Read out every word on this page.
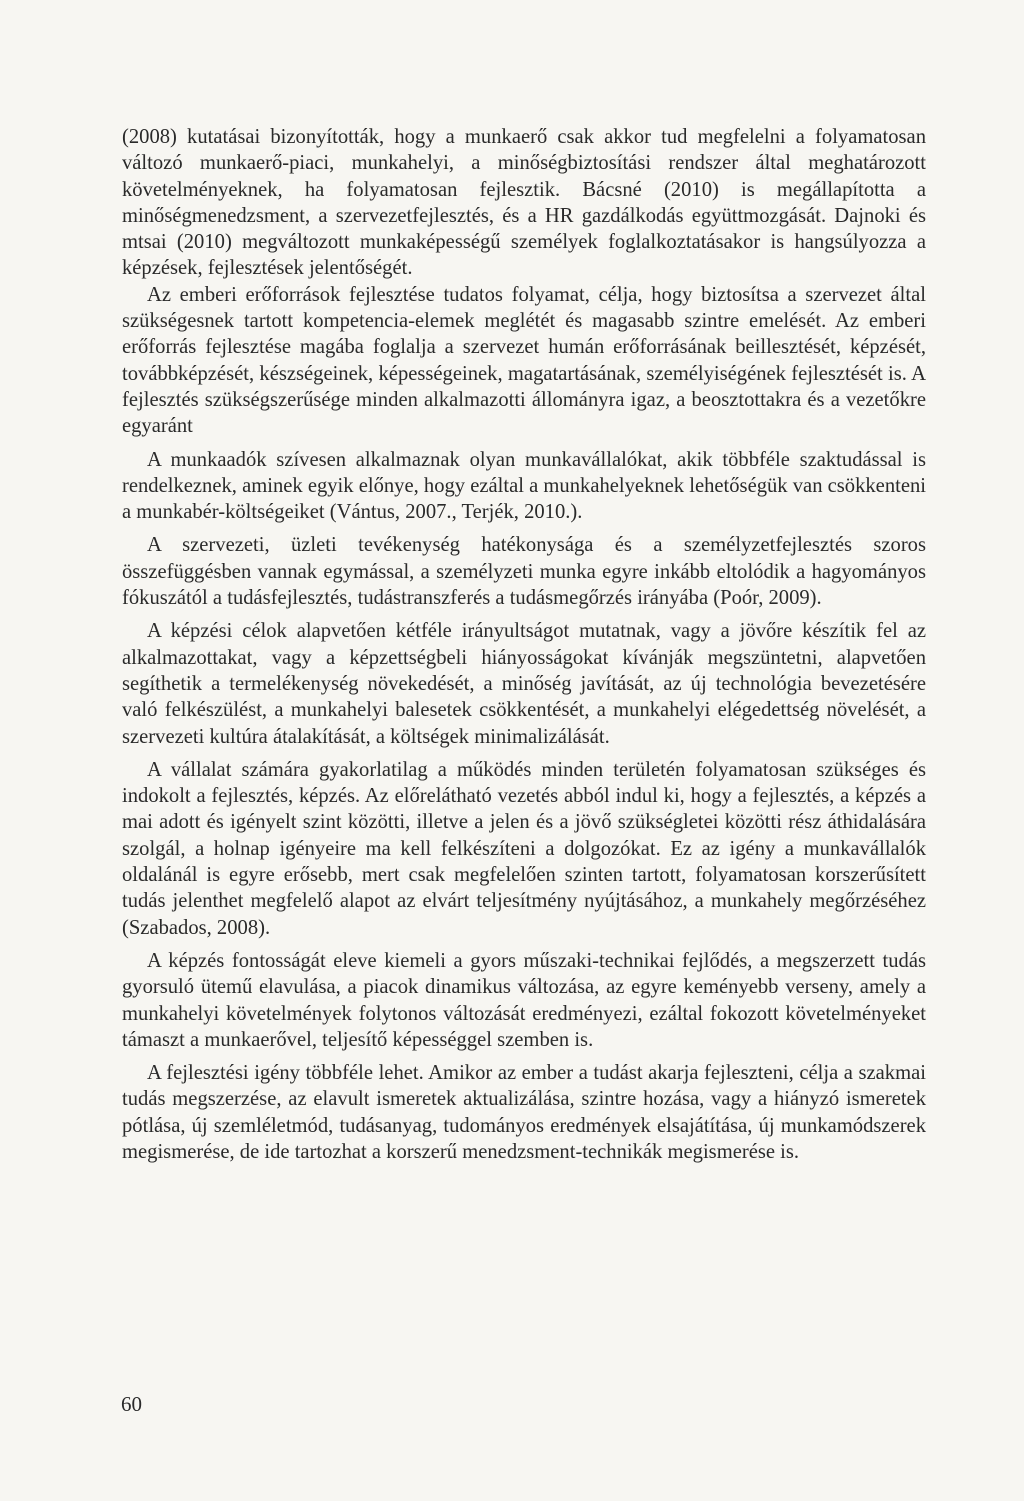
(2008) kutatásai bizonyították, hogy a munkaerő csak akkor tud megfelelni a folyamatosan változó munkaerő-piaci, munkahelyi, a minőségbiztosítási rendszer által meghatározott követelményeknek, ha folyamatosan fejlesztik. Bácsné (2010) is megállapította a minőségmenedzsment, a szervezetfejlesztés, és a HR gazdálkodás együttmozgását. Dajnoki és mtsai (2010) megváltozott munkaképességű személyek foglalkoztatásakor is hangsúlyozza a képzések, fejlesztések jelentőségét.

Az emberi erőforrások fejlesztése tudatos folyamat, célja, hogy biztosítsa a szervezet által szükségesnek tartott kompetencia-elemek meglétét és magasabb szintre emelését. Az emberi erőforrás fejlesztése magába foglalja a szervezet humán erőforrásának beillesztését, képzését, továbbképzését, készségeinek, képességeinek, magatartásának, személyiségének fejlesztését is. A fejlesztés szükségszerűsége minden alkalmazotti állományra igaz, a beosztottakra és a vezetőkre egyaránt

A munkaadók szívesen alkalmaznak olyan munkavállalókat, akik többféle szaktudással is rendelkeznek, aminek egyik előnye, hogy ezáltal a munkahelyeknek lehetőségük van csökkenteni a munkabér-költségeiket (Vántus, 2007., Terjék, 2010.).

A szervezeti, üzleti tevékenység hatékonysága és a személyzetfejlesztés szoros összefüggésben vannak egymással, a személyzeti munka egyre inkább eltolódik a hagyományos fókuszától a tudásfejlesztés, tudástranszferés a tudásmegőrzés irányába (Poór, 2009).

A képzési célok alapvetően kétféle irányultságot mutatnak, vagy a jövőre készítik fel az alkalmazottakat, vagy a képzettségbeli hiányosságokat kívánják megszüntetni, alapvetően segíthetik a termelékenység növekedését, a minőség javítását, az új technológia bevezetésére való felkészülést, a munkahelyi balesetek csökkentését, a munkahelyi elégedettség növelését, a szervezeti kultúra átalakítását, a költségek minimalizálását.

A vállalat számára gyakorlatilag a működés minden területén folyamatosan szükséges és indokolt a fejlesztés, képzés. Az előrelátható vezetés abból indul ki, hogy a fejlesztés, a képzés a mai adott és igényelt szint közötti, illetve a jelen és a jövő szükségletei közötti rész áthidalására szolgál, a holnap igényeire ma kell felkészíteni a dolgozókat. Ez az igény a munkavállalók oldalánál is egyre erősebb, mert csak megfelelően szinten tartott, folyamatosan korszerűsített tudás jelenthet megfelelő alapot az elvárt teljesítmény nyújtásához, a munkahely megőrzéséhez (Szabados, 2008).

A képzés fontosságát eleve kiemeli a gyors műszaki-technikai fejlődés, a megszerzett tudás gyorsuló ütemű elavulása, a piacok dinamikus változása, az egyre keményebb verseny, amely a munkahelyi követelmények folytonos változását eredményezi, ezáltal fokozott követelményeket támaszt a munkaerővel, teljesítő képességgel szemben is.

A fejlesztési igény többféle lehet. Amikor az ember a tudást akarja fejleszteni, célja a szakmai tudás megszerzése, az elavult ismeretek aktualizálása, szintre hozása, vagy a hiányzó ismeretek pótlása, új szemléletmód, tudásanyag, tudományos eredmények elsajátítása, új munkamódszerek megismerése, de ide tartozhat a korszerű menedzsment-technikák megismerése is.

60
